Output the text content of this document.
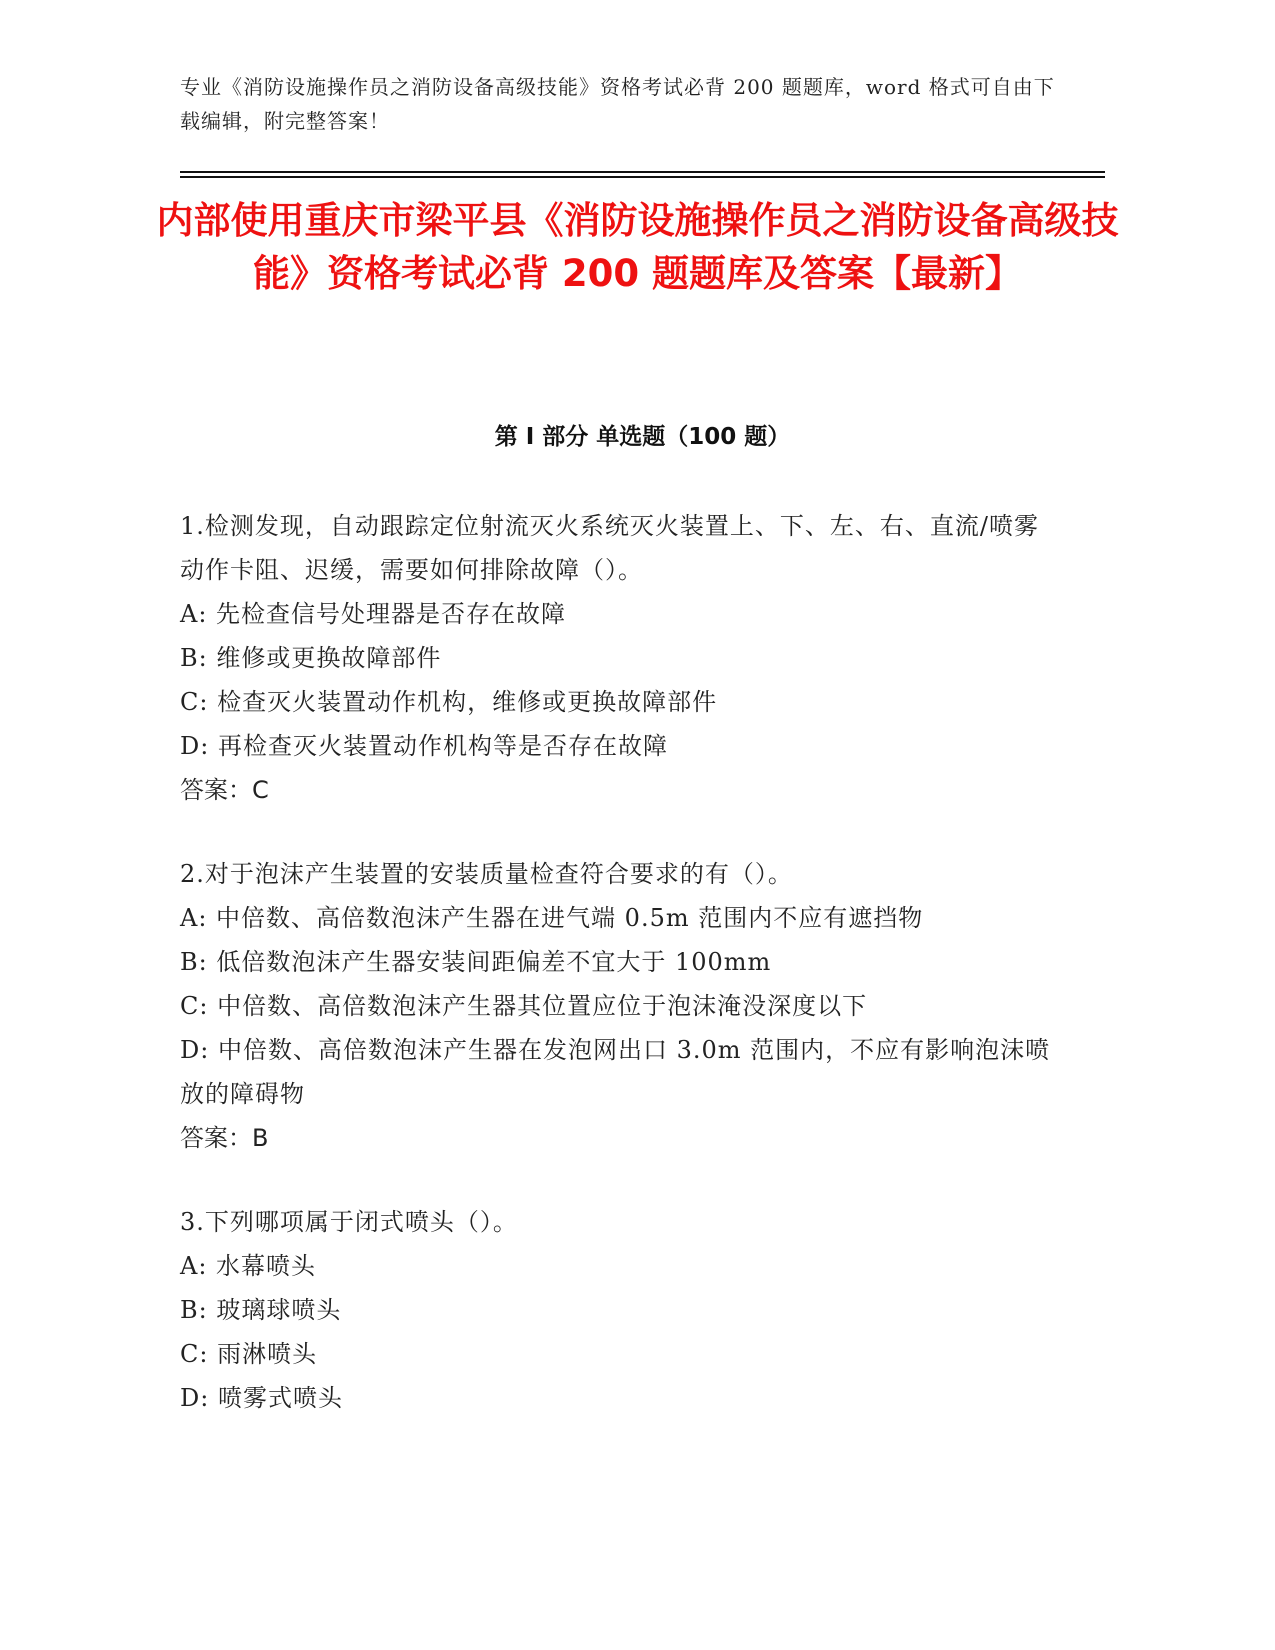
专业《消防设施操作员之消防设备高级技能》资格考试必背 200 题题库，word 格式可自由下载编辑，附完整答案！
内部使用重庆市梁平县《消防设施操作员之消防设备高级技能》资格考试必背 200 题题库及答案【最新】
第 I 部分 单选题（100 题）

1.检测发现，自动跟踪定位射流灭火系统灭火装置上、下、左、右、直流/喷雾动作卡阻、迟缓，需要如何排除故障（）。

A: 先检查信号处理器是否存在故障

B: 维修或更换故障部件

C: 检查灭火装置动作机构，维修或更换故障部件

D: 再检查灭火装置动作机构等是否存在故障

答案：C

2.对于泡沫产生装置的安装质量检查符合要求的有（）。

A: 中倍数、高倍数泡沫产生器在进气端 0.5m 范围内不应有遮挡物

B: 低倍数泡沫产生器安装间距偏差不宜大于 100mm

C: 中倍数、高倍数泡沫产生器其位置应位于泡沫淹没深度以下

D: 中倍数、高倍数泡沫产生器在发泡网出口 3.0m 范围内，不应有影响泡沫喷放的障碍物

答案：B

3.下列哪项属于闭式喷头（）。

A: 水幕喷头

B: 玻璃球喷头

C: 雨淋喷头

D: 喷雾式喷头
